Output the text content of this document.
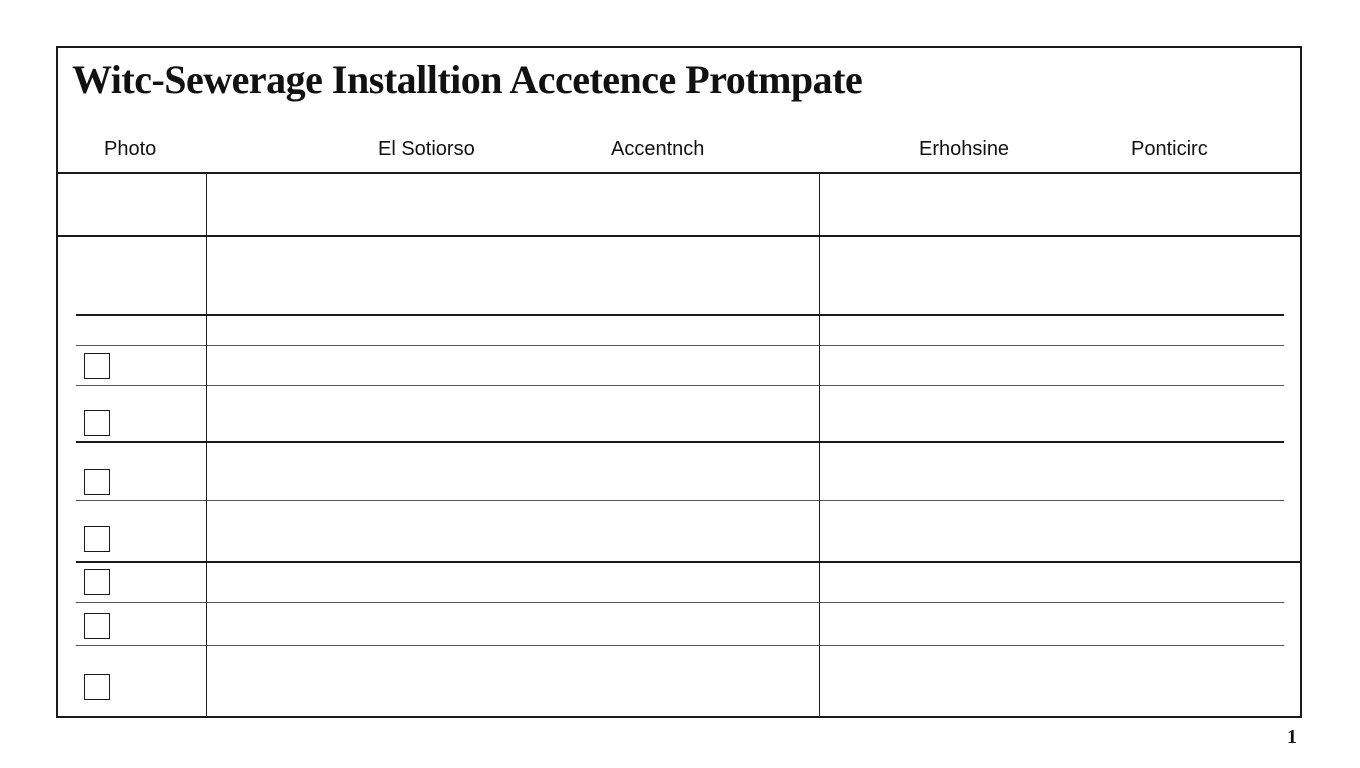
Witc-Sewerage Installtion Accetence Protmpate
Photo	El Sotiorso	Accentnch	Erhohsine	Ponticirc
1
